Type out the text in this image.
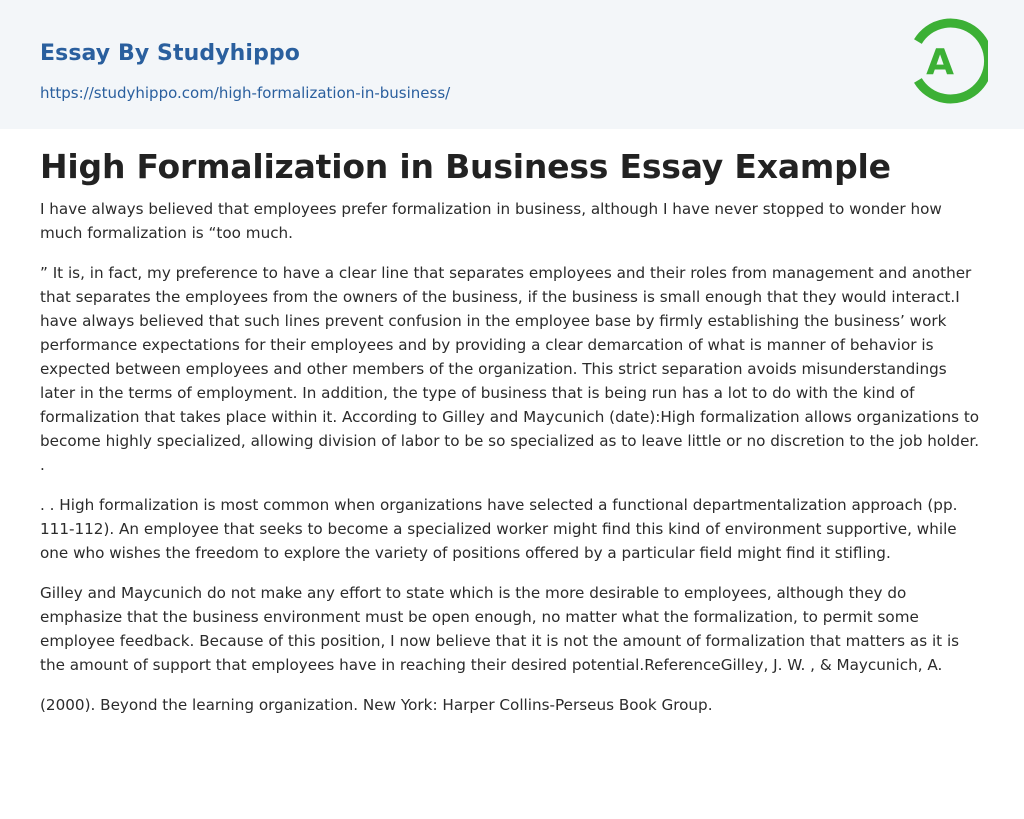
Essay By Studyhippo
https://studyhippo.com/high-formalization-in-business/
A
High Formalization in Business Essay Example

I have always believed that employees prefer formalization in business, although I have never stopped to wonder how much formalization is “too much.

” It is, in fact, my preference to have a clear line that separates employees and their roles from management and another that separates the employees from the owners of the business, if the business is small enough that they would interact.I have always believed that such lines prevent confusion in the employee base by firmly establishing the business’ work performance expectations for their employees and by providing a clear demarcation of what is manner of behavior is expected between employees and other members of the organization. This strict separation avoids misunderstandings later in the terms of employment. In addition, the type of business that is being run has a lot to do with the kind of formalization that takes place within it. According to Gilley and Maycunich (date):High formalization allows organizations to become highly specialized, allowing division of labor to be so specialized as to leave little or no discretion to the job holder. .

. . High formalization is most common when organizations have selected a functional departmentalization approach (pp. 111-112). An employee that seeks to become a specialized worker might find this kind of environment supportive, while one who wishes the freedom to explore the variety of positions offered by a particular field might find it stifling.

Gilley and Maycunich do not make any effort to state which is the more desirable to employees, although they do emphasize that the business environment must be open enough, no matter what the formalization, to permit some employee feedback. Because of this position, I now believe that it is not the amount of formalization that matters as it is the amount of support that employees have in reaching their desired potential.ReferenceGilley, J. W. , & Maycunich, A.

(2000). Beyond the learning organization. New York: Harper Collins-Perseus Book Group.
